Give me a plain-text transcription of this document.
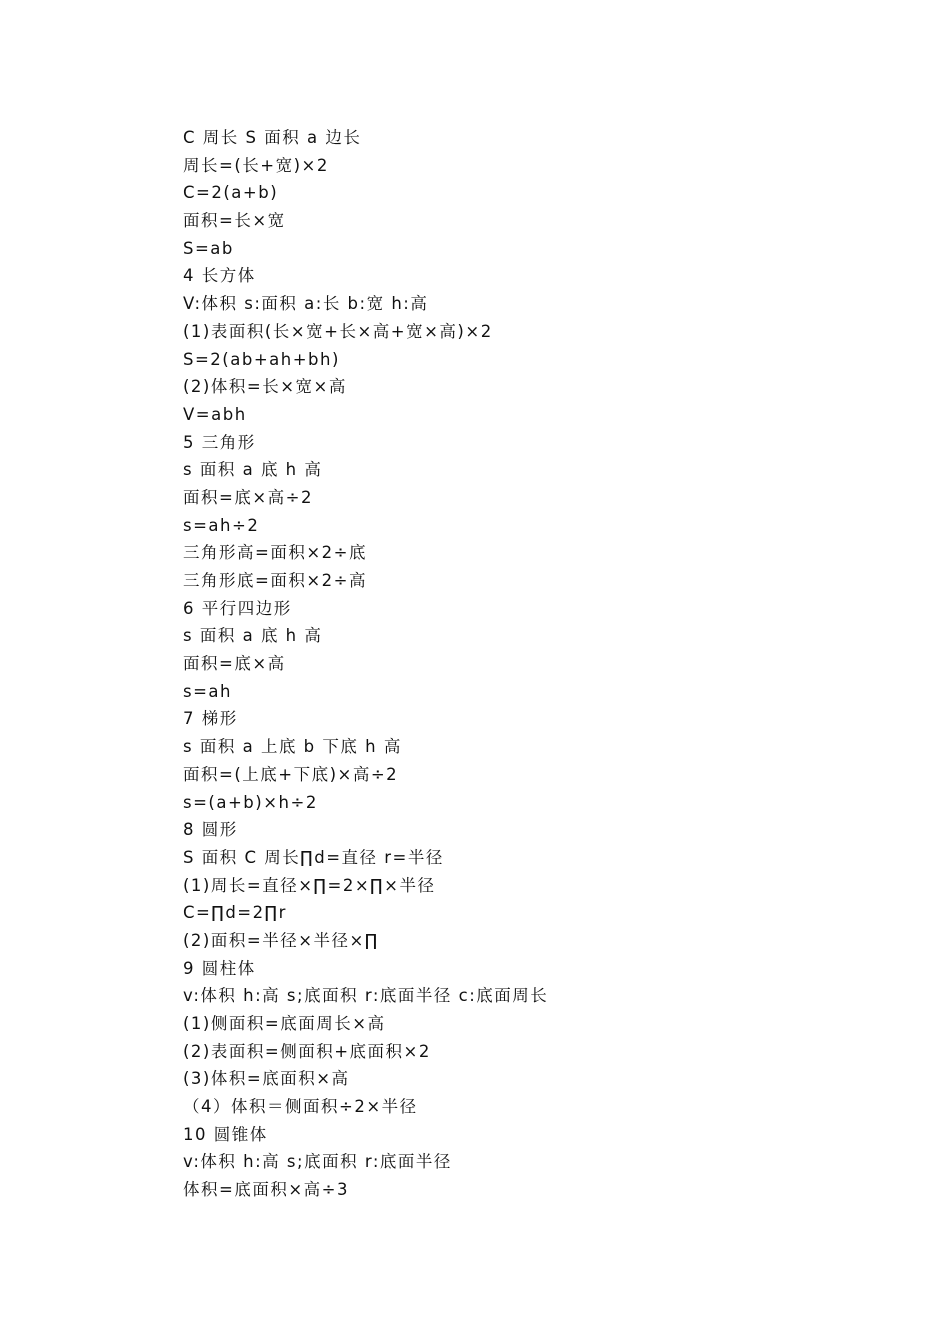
C 周长 S 面积 a 边长
周长=(长+宽)×2
C=2(a+b)
面积=长×宽
S=ab
4 长方体
V:体积 s:面积 a:长 b:宽 h:高
(1)表面积(长×宽+长×高+宽×高)×2
S=2(ab+ah+bh)
(2)体积=长×宽×高
V=abh
5 三角形
s 面积 a 底 h 高
面积=底×高÷2
s=ah÷2
三角形高=面积×2÷底
三角形底=面积×2÷高
6 平行四边形
s 面积 a 底 h 高
面积=底×高
s=ah
7 梯形
s 面积 a 上底 b 下底 h 高
面积=(上底+下底)×高÷2
s=(a+b)×h÷2
8 圆形
S 面积 C 周长∏d=直径 r=半径
(1)周长=直径×∏=2×∏×半径
C=∏d=2∏r
(2)面积=半径×半径×∏
9 圆柱体
v:体积 h:高 s;底面积 r:底面半径 c:底面周长
(1)侧面积=底面周长×高
(2)表面积=侧面积+底面积×2
(3)体积=底面积×高
（4）体积＝侧面积÷2×半径
10 圆锥体
v:体积 h:高 s;底面积 r:底面半径
体积=底面积×高÷3
